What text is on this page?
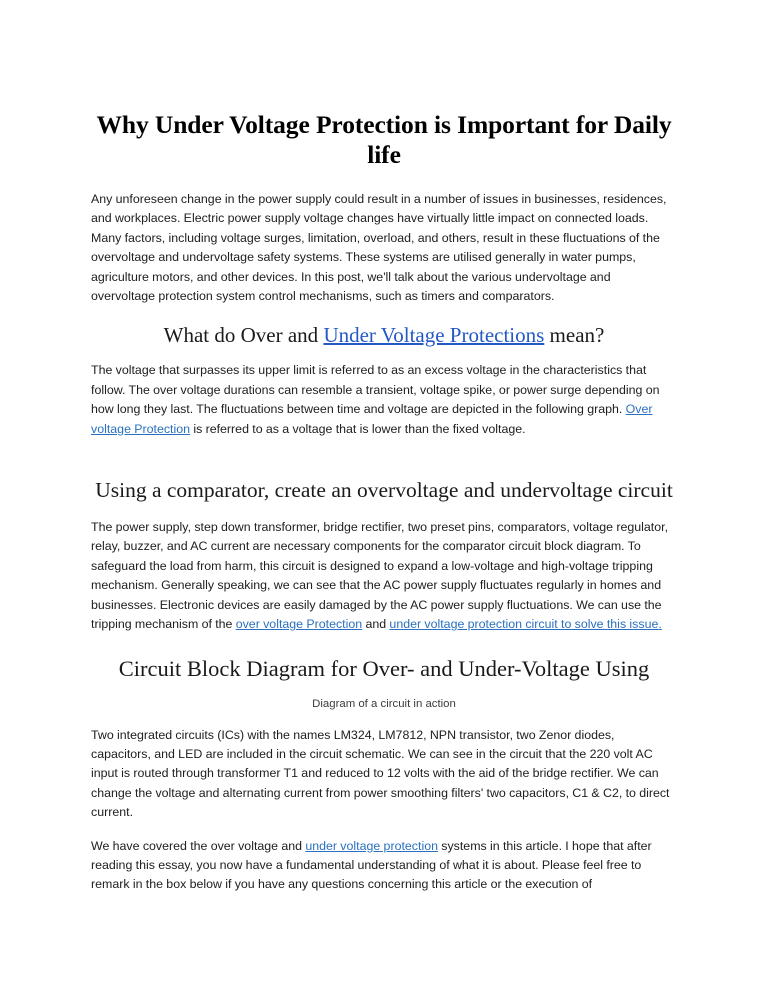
Why Under Voltage Protection is Important for Daily life

Any unforeseen change in the power supply could result in a number of issues in businesses, residences, and workplaces. Electric power supply voltage changes have virtually little impact on connected loads. Many factors, including voltage surges, limitation, overload, and others, result in these fluctuations of the overvoltage and undervoltage safety systems. These systems are utilised generally in water pumps, agriculture motors, and other devices. In this post, we'll talk about the various undervoltage and overvoltage protection system control mechanisms, such as timers and comparators.

What do Over and Under Voltage Protections mean?

The voltage that surpasses its upper limit is referred to as an excess voltage in the characteristics that follow. The over voltage durations can resemble a transient, voltage spike, or power surge depending on how long they last. The fluctuations between time and voltage are depicted in the following graph. Over voltage Protection is referred to as a voltage that is lower than the fixed voltage.

Using a comparator, create an overvoltage and undervoltage circuit

The power supply, step down transformer, bridge rectifier, two preset pins, comparators, voltage regulator, relay, buzzer, and AC current are necessary components for the comparator circuit block diagram. To safeguard the load from harm, this circuit is designed to expand a low-voltage and high-voltage tripping mechanism. Generally speaking, we can see that the AC power supply fluctuates regularly in homes and businesses. Electronic devices are easily damaged by the AC power supply fluctuations. We can use the tripping mechanism of the over voltage Protection and under voltage protection circuit to solve this issue.

Circuit Block Diagram for Over- and Under-Voltage Using

Diagram of a circuit in action

Two integrated circuits (ICs) with the names LM324, LM7812, NPN transistor, two Zenor diodes, capacitors, and LED are included in the circuit schematic. We can see in the circuit that the 220 volt AC input is routed through transformer T1 and reduced to 12 volts with the aid of the bridge rectifier. We can change the voltage and alternating current from power smoothing filters' two capacitors, C1 & C2, to direct current.

We have covered the over voltage and under voltage protection systems in this article. I hope that after reading this essay, you now have a fundamental understanding of what it is about. Please feel free to remark in the box below if you have any questions concerning this article or the execution of
